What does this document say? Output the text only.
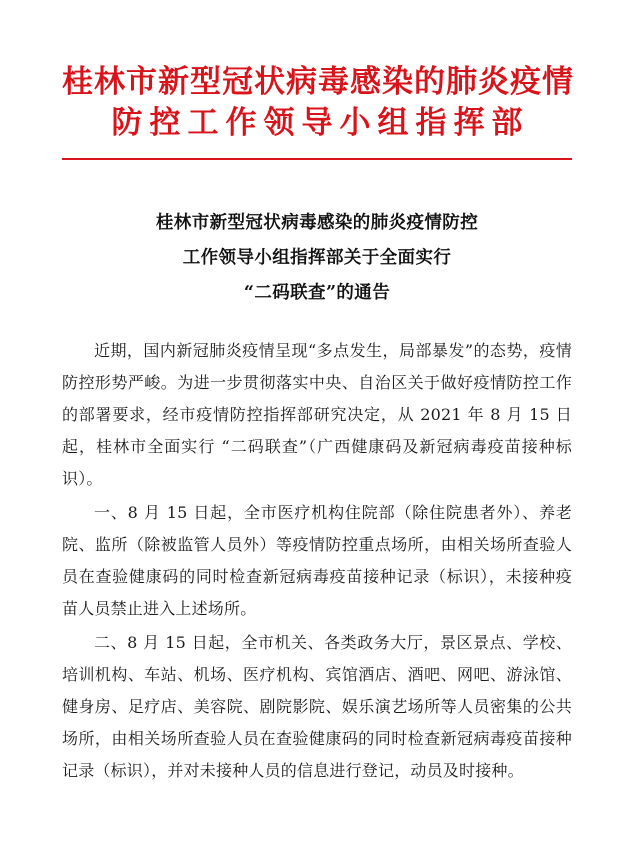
桂林市新型冠状病毒感染的肺炎疫情
防控工作领导小组指挥部
桂林市新型冠状病毒感染的肺炎疫情防控
工作领导小组指挥部关于全面实行
“二码联查”的通告

近期，国内新冠肺炎疫情呈现“多点发生，局部暴发”的态势，疫情防控形势严峻。为进一步贯彻落实中央、自治区关于做好疫情防控工作的部署要求，经市疫情防控指挥部研究决定，从 2021 年 8 月 15 日起，桂林市全面实行 “二码联查”（广西健康码及新冠病毒疫苗接种标识）。

一、8 月 15 日起，全市医疗机构住院部（除住院患者外）、养老院、监所（除被监管人员外）等疫情防控重点场所，由相关场所查验人员在查验健康码的同时检查新冠病毒疫苗接种记录（标识），未接种疫苗人员禁止进入上述场所。

二、8 月 15 日起，全市机关、各类政务大厅，景区景点、学校、培训机构、车站、机场、医疗机构、宾馆酒店、酒吧、网吧、游泳馆、健身房、足疗店、美容院、剧院影院、娱乐演艺场所等人员密集的公共场所，由相关场所查验人员在查验健康码的同时检查新冠病毒疫苗接种记录（标识），并对未接种人员的信息进行登记，动员及时接种。
